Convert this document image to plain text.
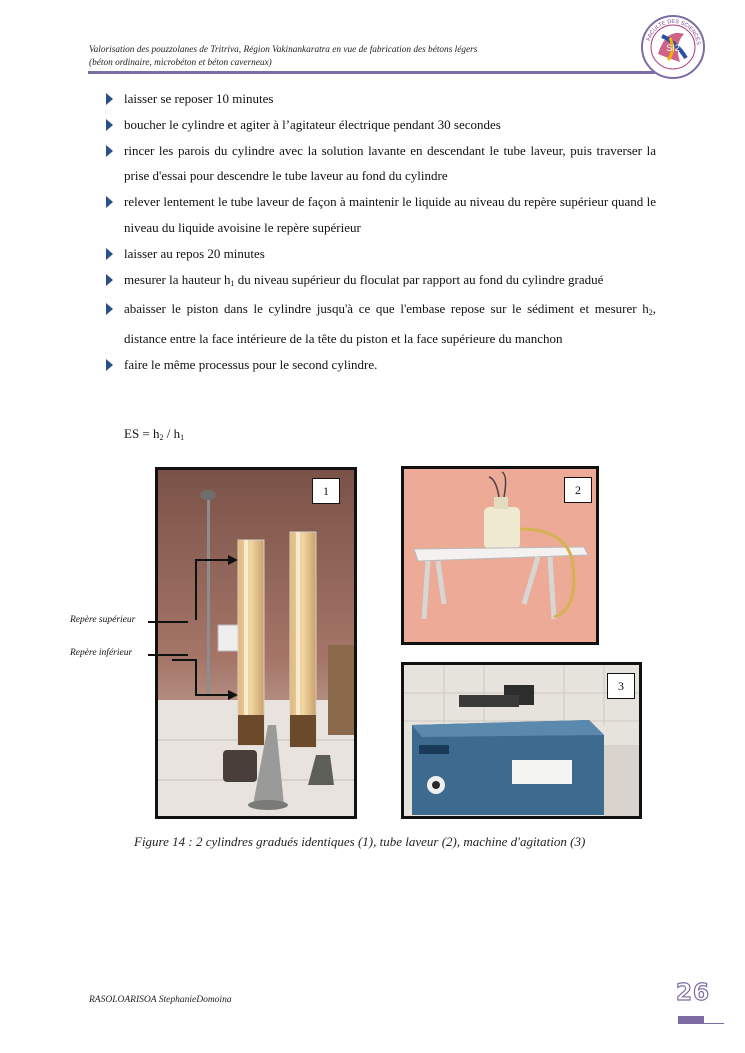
Valorisation des pouzzolanes de Tritriva, Région Vakinankaratra en vue de fabrication des bétons légers
(béton ordinaire, microbéton et béton caverneux)
SI2
FACULTE DES SCIENCES
laisser se reposer 10 minutes
boucher le cylindre et agiter à l’agitateur électrique pendant 30 secondes
rincer les parois du cylindre avec la solution lavante en descendant le tube laveur, puis traverser la prise d'essai pour descendre le tube laveur au fond du cylindre
relever lentement le tube laveur de façon à maintenir le liquide au niveau du repère supérieur quand le niveau du liquide avoisine le repère supérieur
laisser au repos 20 minutes
mesurer la hauteur $h_1$ du niveau supérieur du floculat par rapport au fond du cylindre gradué
abaisser le piston dans le cylindre jusqu'à ce que l'embase repose sur le sédiment et mesurer $h_2$, distance entre la face intérieure de la tête du piston et la face supérieure du manchon
faire le même processus pour le second cylindre.
ES = $h_2 / h_1$
1
Repère supérieur
Repère inférieur
2
3
Figure 14 : 2 cylindres gradués identiques (1), tube laveur (2), machine d'agitation (3)
RASOLOARISOA StephanieDomoina	26
